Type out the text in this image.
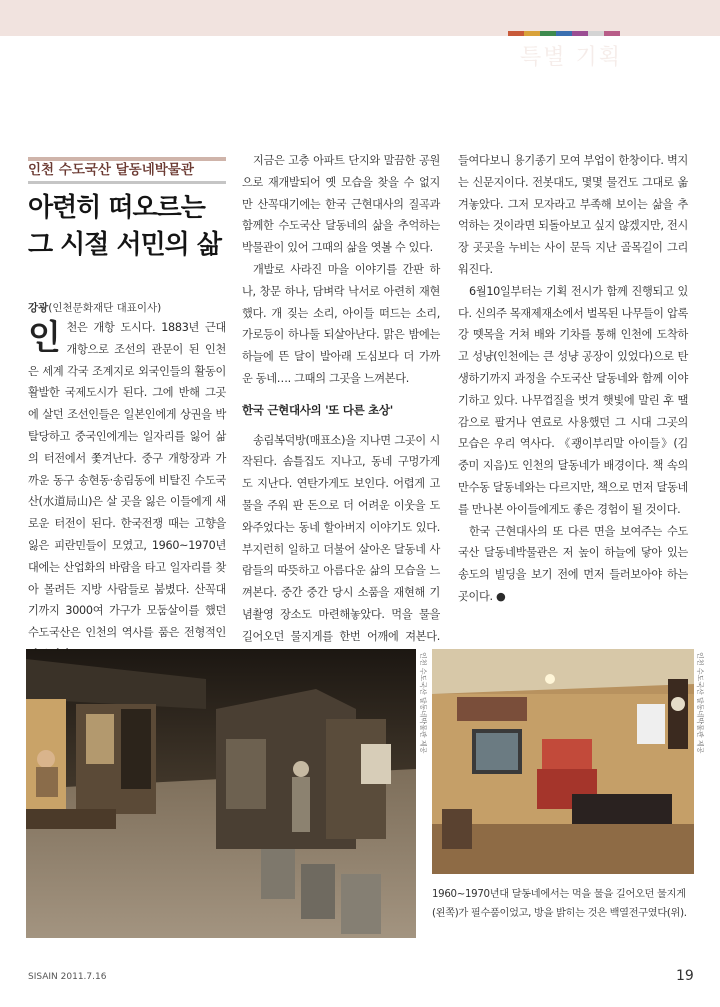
특별 기획
인천 수도국산 달동네박물관
아련히 떠오르는
그 시절 서민의 삶
강광(인천문화재단 대표이사)
인 천은 개항 도시다. 1883년 근대 개항으로 조선의 관문이 된 인천은 세계 각국 조계지로 외국인들의 활동이 활발한 국제도시가 된다. 그에 반해 그곳에 살던 조선인들은 일본인에게 상권을 박탈당하고 중국인에게는 일자리를 잃어 삶의 터전에서 쫓겨난다. 중구 개항장과 가까운 동구 송현동·송림동에 비탈진 수도국산(水道局山)은 살 곳을 잃은 이들에게 새로운 터전이 된다. 한국전쟁 때는 고향을 잃은 피란민들이 모였고, 1960~1970년대에는 산업화의 바람을 타고 일자리를 찾아 몰려든 지방 사람들로 붐볐다. 산꼭대기까지 3000여 가구가 모둠살이를 했던 수도국산은 인천의 역사를 품은 전형적인

지금은 고층 아파트 단지와 말끔한 공원으로 재개발되어 옛 모습을 찾을 수 없지만 산꼭대기에는 한국 근현대사의 질곡과 함께한 수도국산 달동네의 삶을 추억하는 박물관이 있어 그때의 삶을 엿볼 수 있다.

개발로 사라진 마을 이야기를 간판 하나, 창문 하나, 담벼락 낙서로 아련히 재현했다. 개 짖는 소리, 아이들 떠드는 소리, 가로등이 하나둘 되살아난다. 맑은 밤에는 하늘에 뜬 달이 발아래 도심보다 더 가까운 동네…. 그때의 그곳을 느껴본다.

한국 근현대사의 '또 다른 초상'

송림복덕방(매표소)을 지나면 그곳이 시작된다. 솜틀집도 지나고, 동네 구멍가게도 지난다. 연탄가게도 보인다. 어렵게 고물을 주워 판 돈으로 더 어려운 이웃을 도와주었다는 동네 할아버지 이야기도 있다. 부지런히 일하고 더불어 살아온 달동네 사람들의 따뜻하고 아름다운 삶의 모습을 느껴본다. 중간 중간 당시 소품을 재현해 기념촬영 장소도 마련해놓았다. 먹을 물을 길어오던 물지게를 한번 어깨에 져본다.

들여다보니 용기종기 모여 부업이 한창이다. 벽지는 신문지이다. 전봇대도, 몇몇 물건도 그대로 옮겨놓았다. 그저 모자라고 부족해 보이는 삶을 추억하는 것이라면 되돌아보고 싶지 않겠지만, 전시장 곳곳을 누비는 사이 문득 지난 골목길이 그리워진다.

6월10일부터는 기획 전시가 함께 진행되고 있다. 신의주 목재제재소에서 벌목된 나무들이 압록강 뗏목을 거쳐 배와 기차를 통해 인천에 도착하고 성냥(인천에는 큰 성냥 공장이 있었다)으로 탄생하기까지 과정을 수도국산 달동네와 함께 이야기하고 있다. 나무껍질을 벗겨 햇빛에 말린 후 땔감으로 팔거나 연료로 사용했던 그 시대 그곳의 모습은 우리 역사다. 《괭이부리말 아이들》(김중미 지음)도 인천의 달동네가 배경이다. 책 속의 만수동 달동네와는 다르지만, 책으로 먼저 달동네를 만나본 아이들에게도 좋은 경험이 될 것이다.

한국 근현대사의 또 다른 면을 보여주는 수도국산 달동네박물관은 저 높이 하늘에 닿아 있는 송도의 빌딩을 보기 전에 먼저 들러보아야 하는 곳이다. ●

인천 수도국산 달동네박물관 제공	인천 수도국산 달동네박물관 제공
1960~1970년대 달동네에서는 먹을 물을 길어오던 물지게(왼쪽)가 필수품이었고, 방을 밝히는 것은 백열전구였다(위).
SISAIN 2011.7.16	19
